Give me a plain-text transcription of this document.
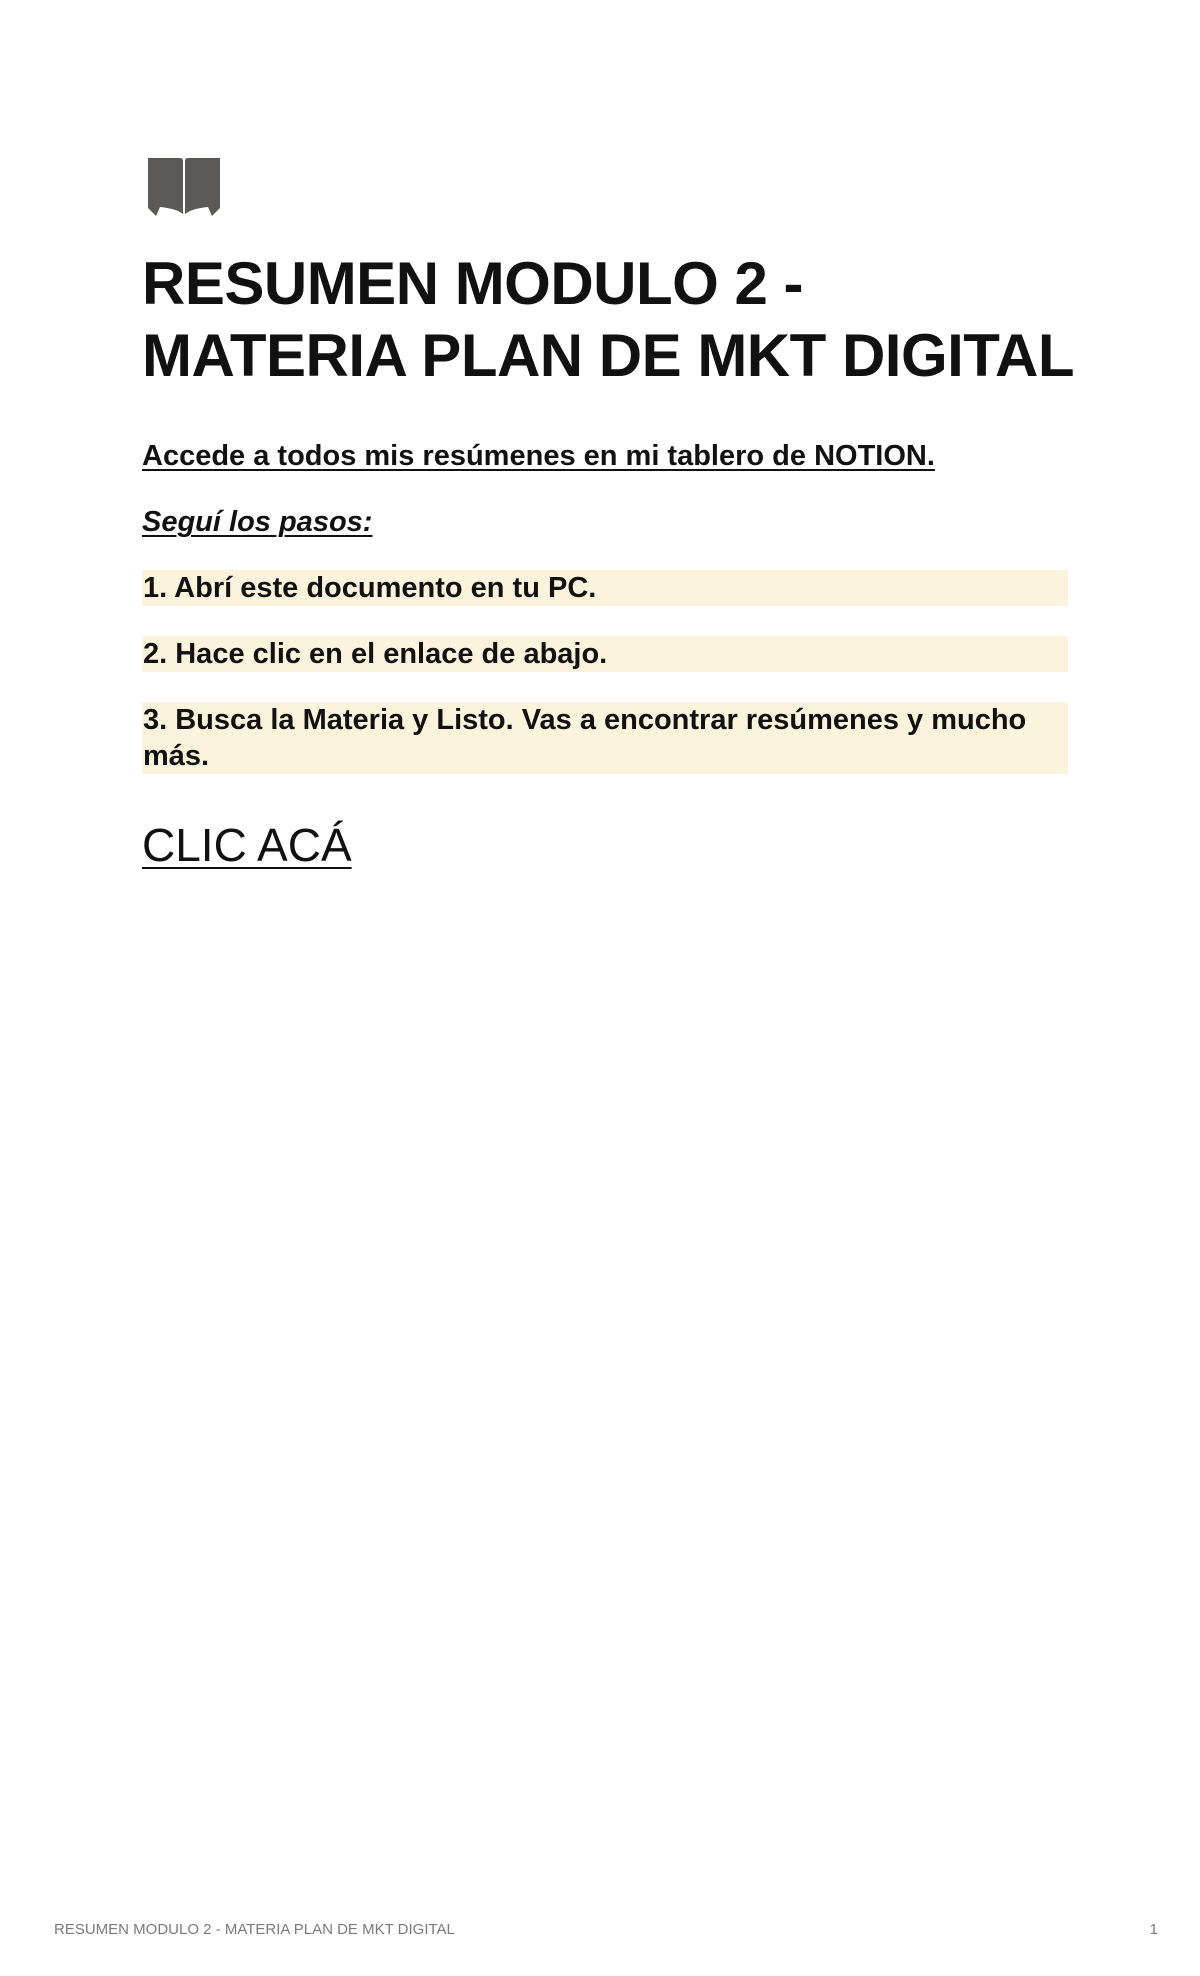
RESUMEN MODULO 2 -
MATERIA PLAN DE MKT DIGITAL

Accede a todos mis resúmenes en mi tablero de NOTION.

Seguí los pasos:

1. Abrí este documento en tu PC.
2. Hace clic en el enlace de abajo.
3. Busca la Materia y Listo. Vas a encontrar resúmenes y mucho más.
CLIC ACÁ
RESUMEN MODULO 2 - MATERIA PLAN DE MKT DIGITAL	1
